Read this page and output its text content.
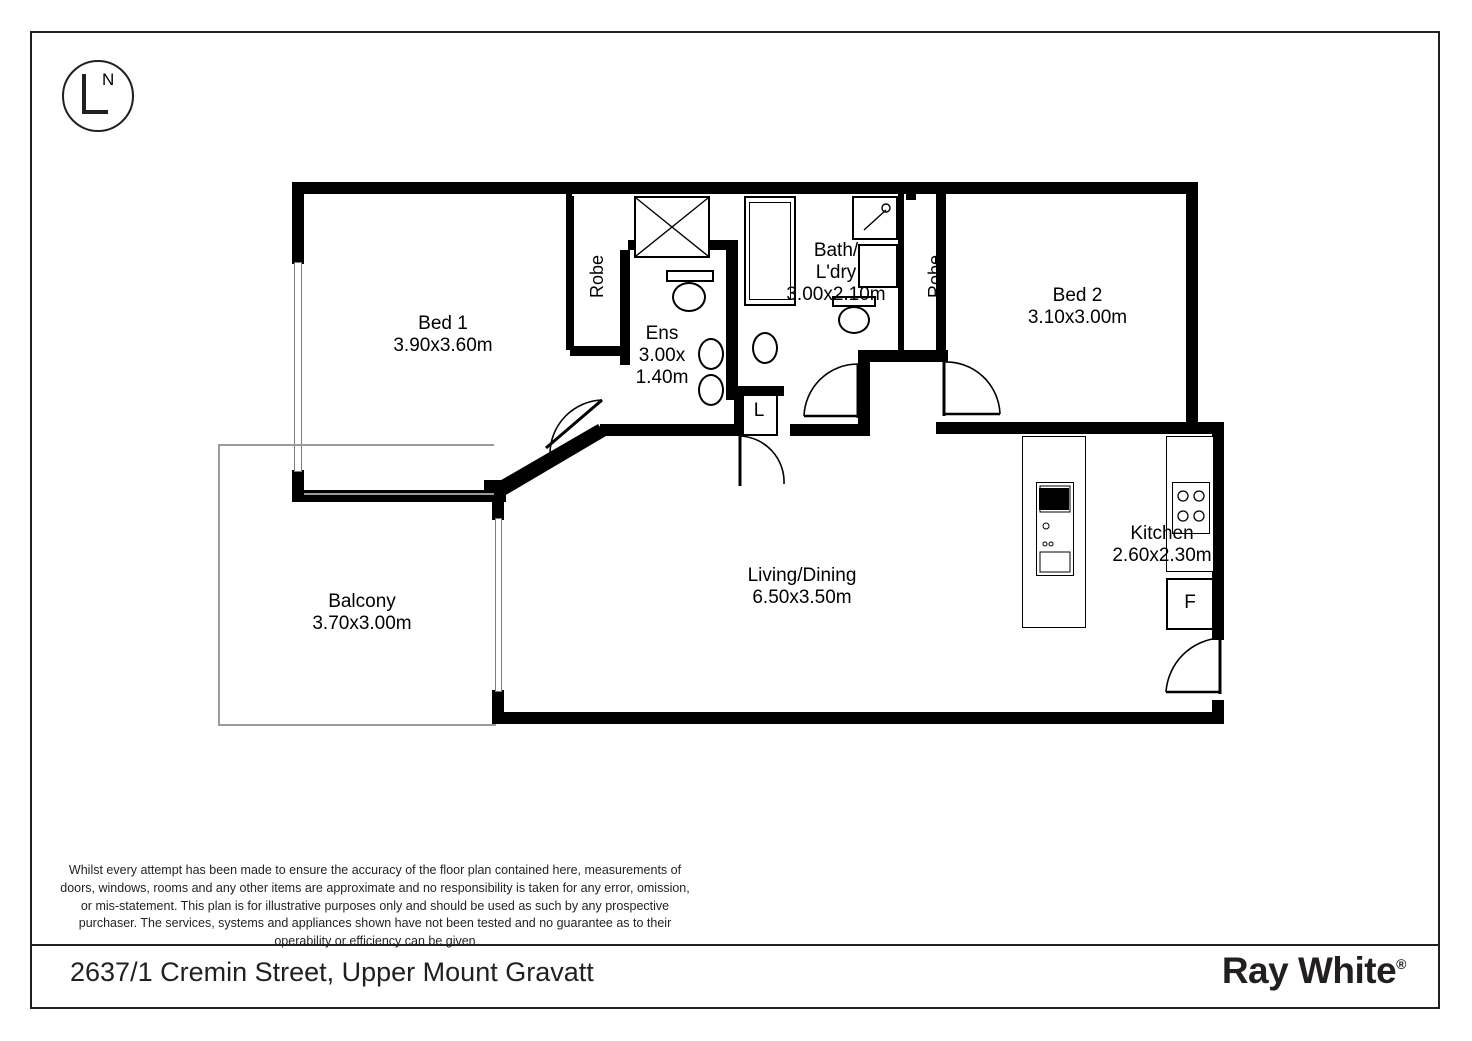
N
Robe	Robe
F
Bed 1
3.90x3.60m
Ens
3.00x
1.40m
Bath/
L'dry
3.00x2.10m	Bed 2
3.10x3.00m
Balcony
3.70x3.00m
Living/Dining
6.50x3.50m
Kitchen
2.60x2.30m
L
Whilst every attempt has been made to ensure the accuracy of the floor plan contained here, measurements of doors, windows, rooms and any other items are approximate and no responsibility is taken for any error, omission, or mis-statement. This plan is for illustrative purposes only and should be used as such by any prospective purchaser. The services, systems and appliances shown have not been tested and no guarantee as to their operability or efficiency can be given
2637/1 Cremin Street, Upper Mount Gravatt	Ray White®
